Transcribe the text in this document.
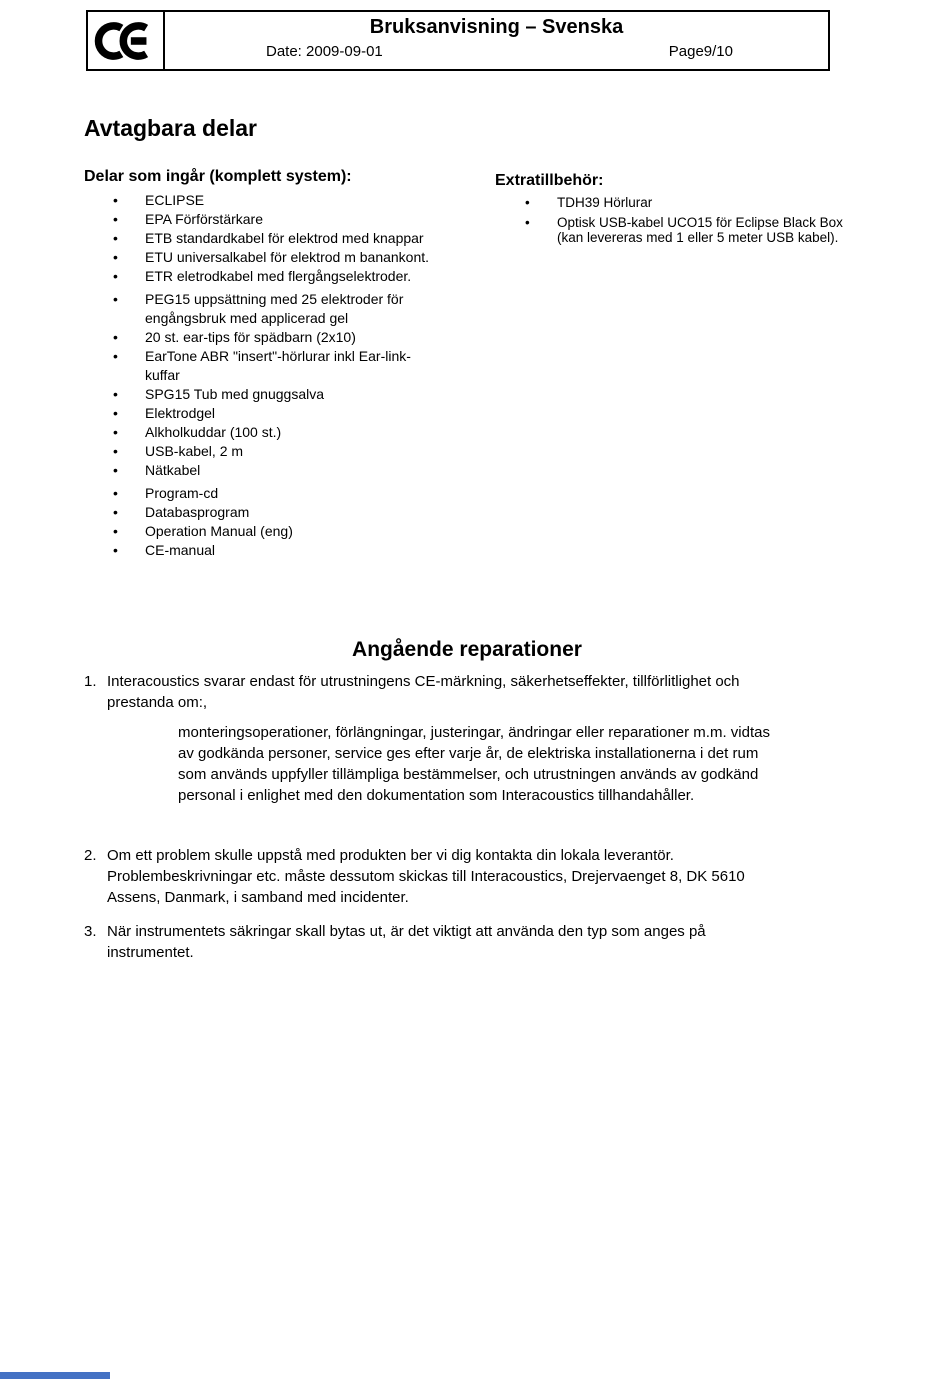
Bruksanvisning – Svenska
Date: 2009-09-01	Page9/10
Avtagbara delar
Delar som ingår (komplett system):
•	ECLIPSE
•	EPA Förförstärkare
•	ETB standardkabel för elektrod med knappar
•	ETU universalkabel för elektrod m banankont.
•	ETR eletrodkabel med flergångselektroder.
•	PEG15 uppsättning med 25 elektroder för
engångsbruk med applicerad gel
•	20 st. ear-tips för spädbarn (2x10)
•	EarTone ABR "insert"-hörlurar inkl Ear-link-
kuffar
•	SPG15 Tub med gnuggsalva
•	Elektrodgel
•	Alkholkuddar (100 st.)
•	USB-kabel, 2 m
•	Nätkabel
•	Program-cd
•	Databasprogram
•	Operation Manual (eng)
•	CE-manual
Extratillbehör:
•	TDH39 Hörlurar
•	Optisk USB-kabel UCO15 för Eclipse Black Box
(kan levereras med 1 eller 5 meter USB kabel).
Angående reparationer
1. Interacoustics svarar endast för utrustningens CE-märkning, säkerhetseffekter, tillförlitlighet och
prestanda om:,
monteringsoperationer, förlängningar, justeringar, ändringar eller reparationer m.m. vidtas
av godkända personer, service ges efter varje år, de elektriska installationerna i det rum
som används uppfyller tillämpliga bestämmelser, och utrustningen används av godkänd
personal i enlighet med den dokumentation som Interacoustics tillhandahåller.
2. Om ett problem skulle uppstå med produkten ber vi dig kontakta din lokala leverantör.
Problembeskrivningar etc. måste dessutom skickas till Interacoustics, Drejervaenget 8, DK 5610
Assens, Danmark, i samband med incidenter.
3. När instrumentets säkringar skall bytas ut, är det viktigt att använda den typ som anges på
instrumentet.
